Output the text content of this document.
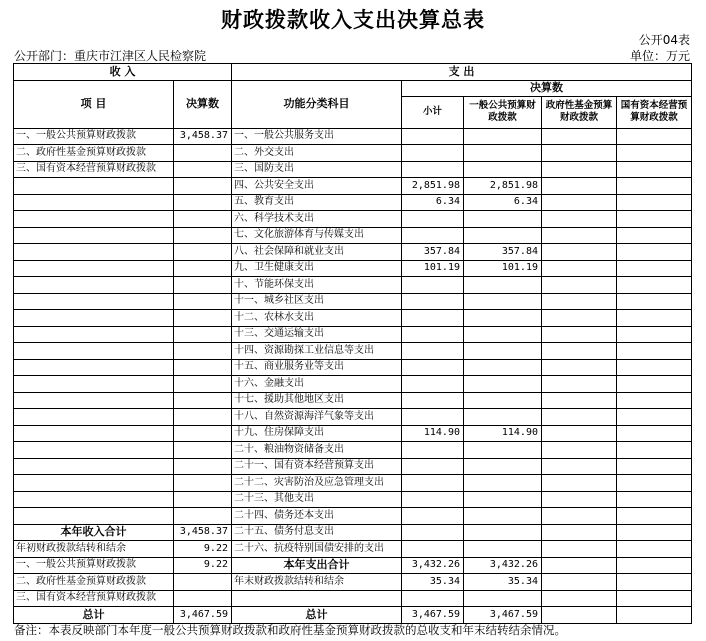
财政拨款收入支出决算总表
公开04表
公开部门：重庆市江津区人民检察院	单位：万元
收 入		支 出				
项 目	决算数	功能分类科目	决算数			
			小计	一般公共预算财政拨款	政府性基金预算财政拨款	国有资本经营预算财政拨款

一、一般公共预算财政拨款	3,458.37	一、一般公共服务支出				
二、政府性基金预算财政拨款		二、外交支出				
三、国有资本经营预算财政拨款		三、国防支出				
		四、公共安全支出	2,851.98	2,851.98		
		五、教育支出	6.34	6.34		
		六、科学技术支出				
		七、文化旅游体育与传媒支出				
		八、社会保障和就业支出	357.84	357.84		
		九、卫生健康支出	101.19	101.19		
		十、节能环保支出				
		十一、城乡社区支出				
		十二、农林水支出				
		十三、交通运输支出				
		十四、资源勘探工业信息等支出				
		十五、商业服务业等支出				
		十六、金融支出				
		十七、援助其他地区支出				
		十八、自然资源海洋气象等支出				
		十九、住房保障支出	114.90	114.90		
		二十、粮油物资储备支出				
		二十一、国有资本经营预算支出				
		二十二、灾害防治及应急管理支出				
		二十三、其他支出				
		二十四、债务还本支出				
本年收入合计	3,458.37	二十五、债务付息支出				
年初财政拨款结转和结余	9.22	二十六、抗疫特别国债安排的支出				
一、一般公共预算财政拨款	9.22	本年支出合计	3,432.26	3,432.26		
二、政府性基金预算财政拨款		年末财政拨款结转和结余	35.34	35.34		
三、国有资本经营预算财政拨款						
总计	3,467.59	总计	3,467.59	3,467.59		
备注：本表反映部门本年度一般公共预算财政拨款和政府性基金预算财政拨款的总收支和年末结转结余情况。
